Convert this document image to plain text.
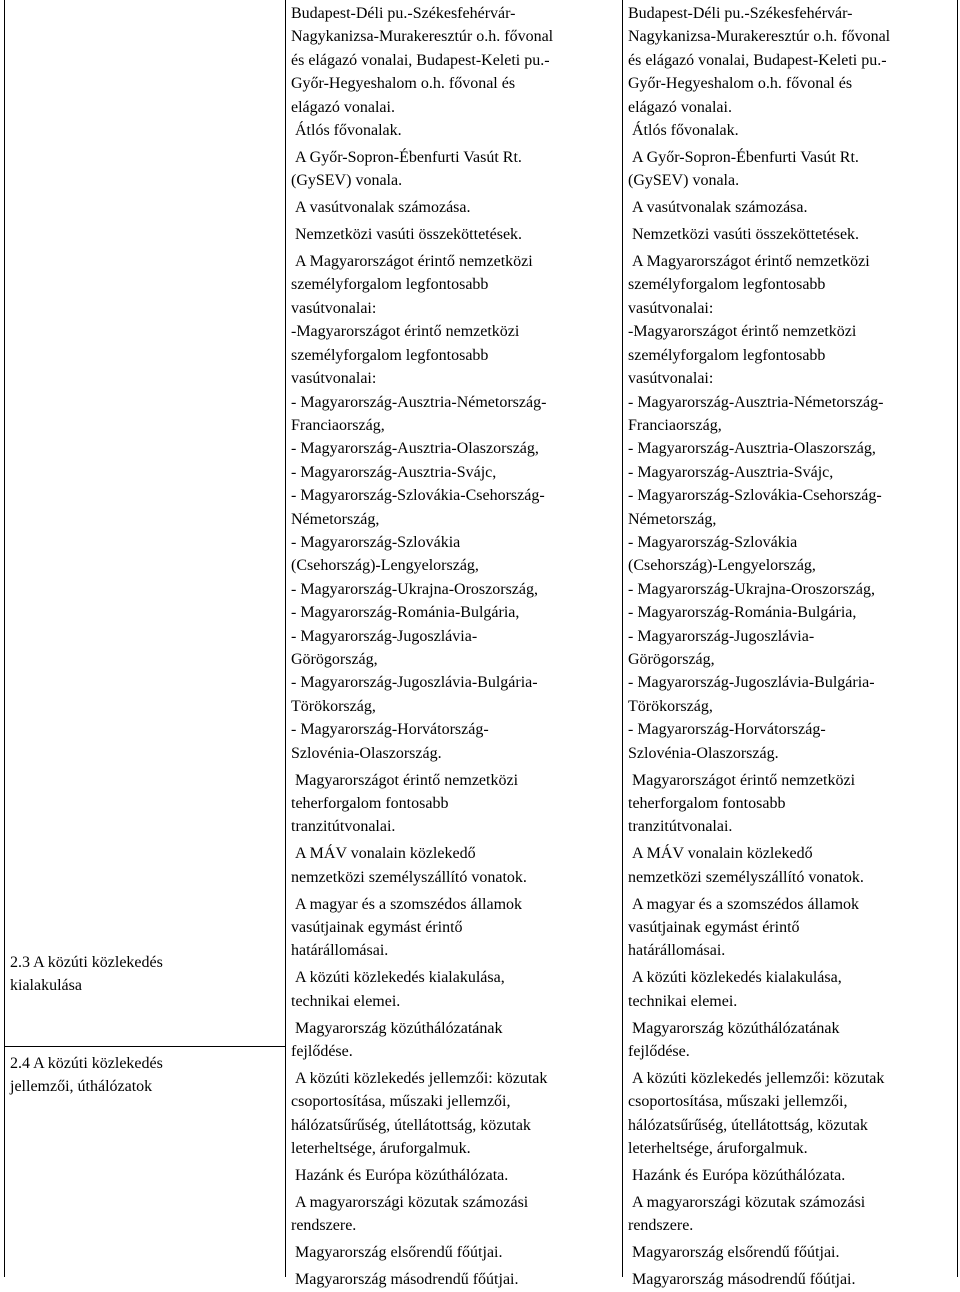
2.3 A közúti közlekedés
kialakulása
2.4 A közúti közlekedés
jellemzői, úthálózatok
Budapest-Déli pu.-Székesfehérvár-
Nagykanizsa-Murakeresztúr o.h. fővonal
és elágazó vonalai, Budapest-Keleti pu.-
Győr-Hegyeshalom o.h. fővonal és
elágazó vonalai.
Átlós fővonalak.
A Győr-Sopron-Ébenfurti Vasút Rt.
(GySEV) vonala.
A vasútvonalak számozása.
Nemzetközi vasúti összeköttetések.
A Magyarországot érintő nemzetközi
személyforgalom legfontosabb
vasútvonalai:
-Magyarországot érintő nemzetközi
személyforgalom legfontosabb
vasútvonalai:
- Magyarország-Ausztria-Németország-
Franciaország,
- Magyarország-Ausztria-Olaszország,
- Magyarország-Ausztria-Svájc,
- Magyarország-Szlovákia-Csehország-
Németország,
- Magyarország-Szlovákia
(Csehország)-Lengyelország,
- Magyarország-Ukrajna-Oroszország,
- Magyarország-Románia-Bulgária,
- Magyarország-Jugoszlávia-
Görögország,
- Magyarország-Jugoszlávia-Bulgária-
Törökország,
- Magyarország-Horvátország-
Szlovénia-Olaszország.
Magyarországot érintő nemzetközi
teherforgalom fontosabb
tranzitútvonalai.
A MÁV vonalain közlekedő
nemzetközi személyszállító vonatok.
A magyar és a szomszédos államok
vasútjainak egymást érintő
határállomásai.
A közúti közlekedés kialakulása,
technikai elemei.
Magyarország közúthálózatának
fejlődése.
A közúti közlekedés jellemzői: közutak
csoportosítása, műszaki jellemzői,
hálózatsűrűség, útellátottság, közutak
leterheltsége, áruforgalmuk.
Hazánk és Európa közúthálózata.
A magyarországi közutak számozási
rendszere.
Magyarország elsőrendű főútjai.
Magyarország másodrendű főútjai.
Budapest-Déli pu.-Székesfehérvár-
Nagykanizsa-Murakeresztúr o.h. fővonal
és elágazó vonalai, Budapest-Keleti pu.-
Győr-Hegyeshalom o.h. fővonal és
elágazó vonalai.
Átlós fővonalak.
A Győr-Sopron-Ébenfurti Vasút Rt.
(GySEV) vonala.
A vasútvonalak számozása.
Nemzetközi vasúti összeköttetések.
A Magyarországot érintő nemzetközi
személyforgalom legfontosabb
vasútvonalai:
-Magyarországot érintő nemzetközi
személyforgalom legfontosabb
vasútvonalai:
- Magyarország-Ausztria-Németország-
Franciaország,
- Magyarország-Ausztria-Olaszország,
- Magyarország-Ausztria-Svájc,
- Magyarország-Szlovákia-Csehország-
Németország,
- Magyarország-Szlovákia
(Csehország)-Lengyelország,
- Magyarország-Ukrajna-Oroszország,
- Magyarország-Románia-Bulgária,
- Magyarország-Jugoszlávia-
Görögország,
- Magyarország-Jugoszlávia-Bulgária-
Törökország,
- Magyarország-Horvátország-
Szlovénia-Olaszország.
Magyarországot érintő nemzetközi
teherforgalom fontosabb
tranzitútvonalai.
A MÁV vonalain közlekedő
nemzetközi személyszállító vonatok.
A magyar és a szomszédos államok
vasútjainak egymást érintő
határállomásai.
A közúti közlekedés kialakulása,
technikai elemei.
Magyarország közúthálózatának
fejlődése.
A közúti közlekedés jellemzői: közutak
csoportosítása, műszaki jellemzői,
hálózatsűrűség, útellátottság, közutak
leterheltsége, áruforgalmuk.
Hazánk és Európa közúthálózata.
A magyarországi közutak számozási
rendszere.
Magyarország elsőrendű főútjai.
Magyarország másodrendű főútjai.
